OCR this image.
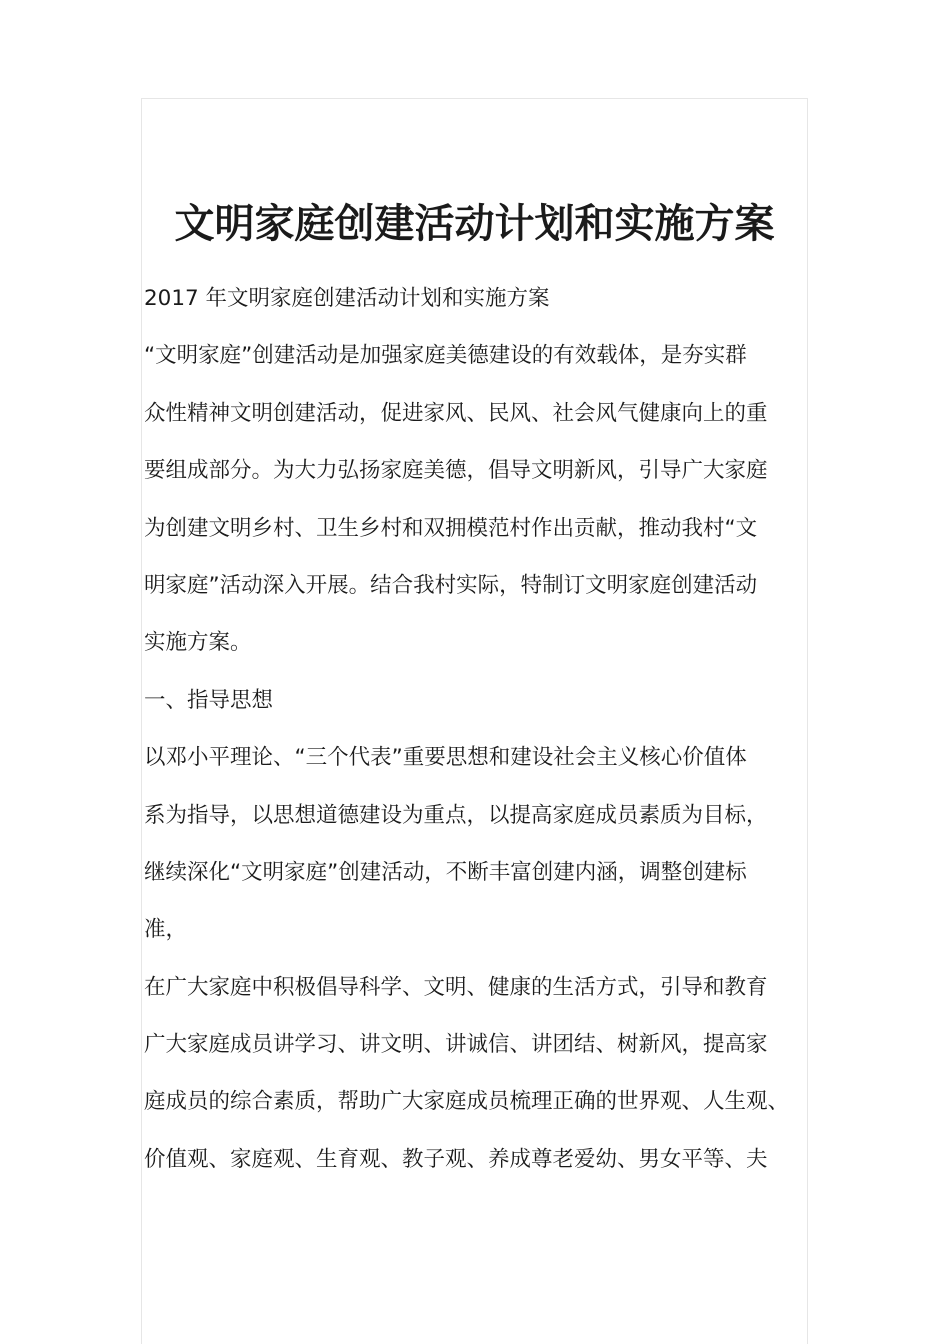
文明家庭创建活动计划和实施方案
2017 年文明家庭创建活动计划和实施方案
“文明家庭”创建活动是加强家庭美德建设的有效载体，是夯实群
众性精神文明创建活动，促进家风、民风、社会风气健康向上的重
要组成部分。为大力弘扬家庭美德，倡导文明新风，引导广大家庭
为创建文明乡村、卫生乡村和双拥模范村作出贡献，推动我村“文
明家庭”活动深入开展。结合我村实际，特制订文明家庭创建活动
实施方案。
一、指导思想
以邓小平理论、“三个代表”重要思想和建设社会主义核心价值体
系为指导，以思想道德建设为重点，以提高家庭成员素质为目标，
继续深化“文明家庭”创建活动，不断丰富创建内涵，调整创建标
准，
在广大家庭中积极倡导科学、文明、健康的生活方式，引导和教育
广大家庭成员讲学习、讲文明、讲诚信、讲团结、树新风，提高家
庭成员的综合素质，帮助广大家庭成员梳理正确的世界观、人生观、
价值观、家庭观、生育观、教子观、养成尊老爱幼、男女平等、夫
